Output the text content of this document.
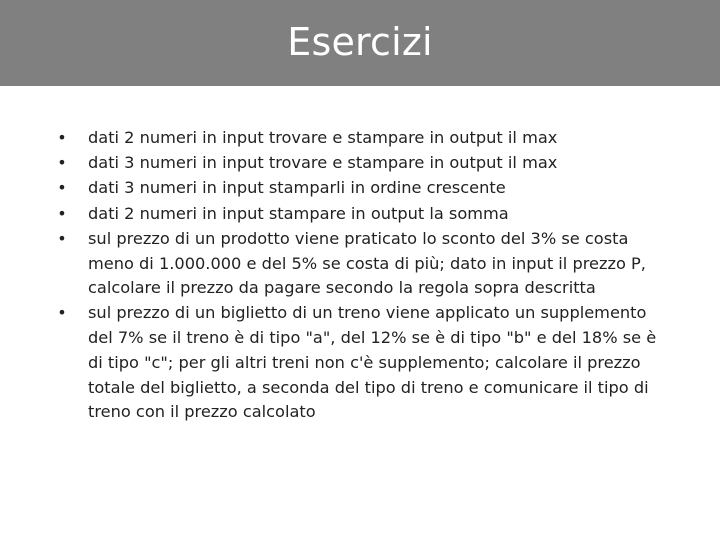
Esercizi
• dati 2 numeri in input trovare e stampare in output il max
• dati 3 numeri in input trovare e stampare in output il max
• dati 3 numeri in input stamparli in ordine crescente
• dati 2 numeri in input stampare in output la somma
• sul prezzo di un prodotto viene praticato lo sconto del 3% se costa meno di 1.000.000 e del 5% se costa di più; dato in input il prezzo P, calcolare il prezzo da pagare secondo la regola sopra descritta
• sul prezzo di un biglietto di un treno viene applicato un supplemento del 7% se il treno è di tipo "a", del 12% se è di tipo "b" e del 18% se è di tipo "c"; per gli altri treni non c'è supplemento; calcolare il prezzo totale del biglietto, a seconda del tipo di treno e comunicare il tipo di treno con il prezzo calcolato
